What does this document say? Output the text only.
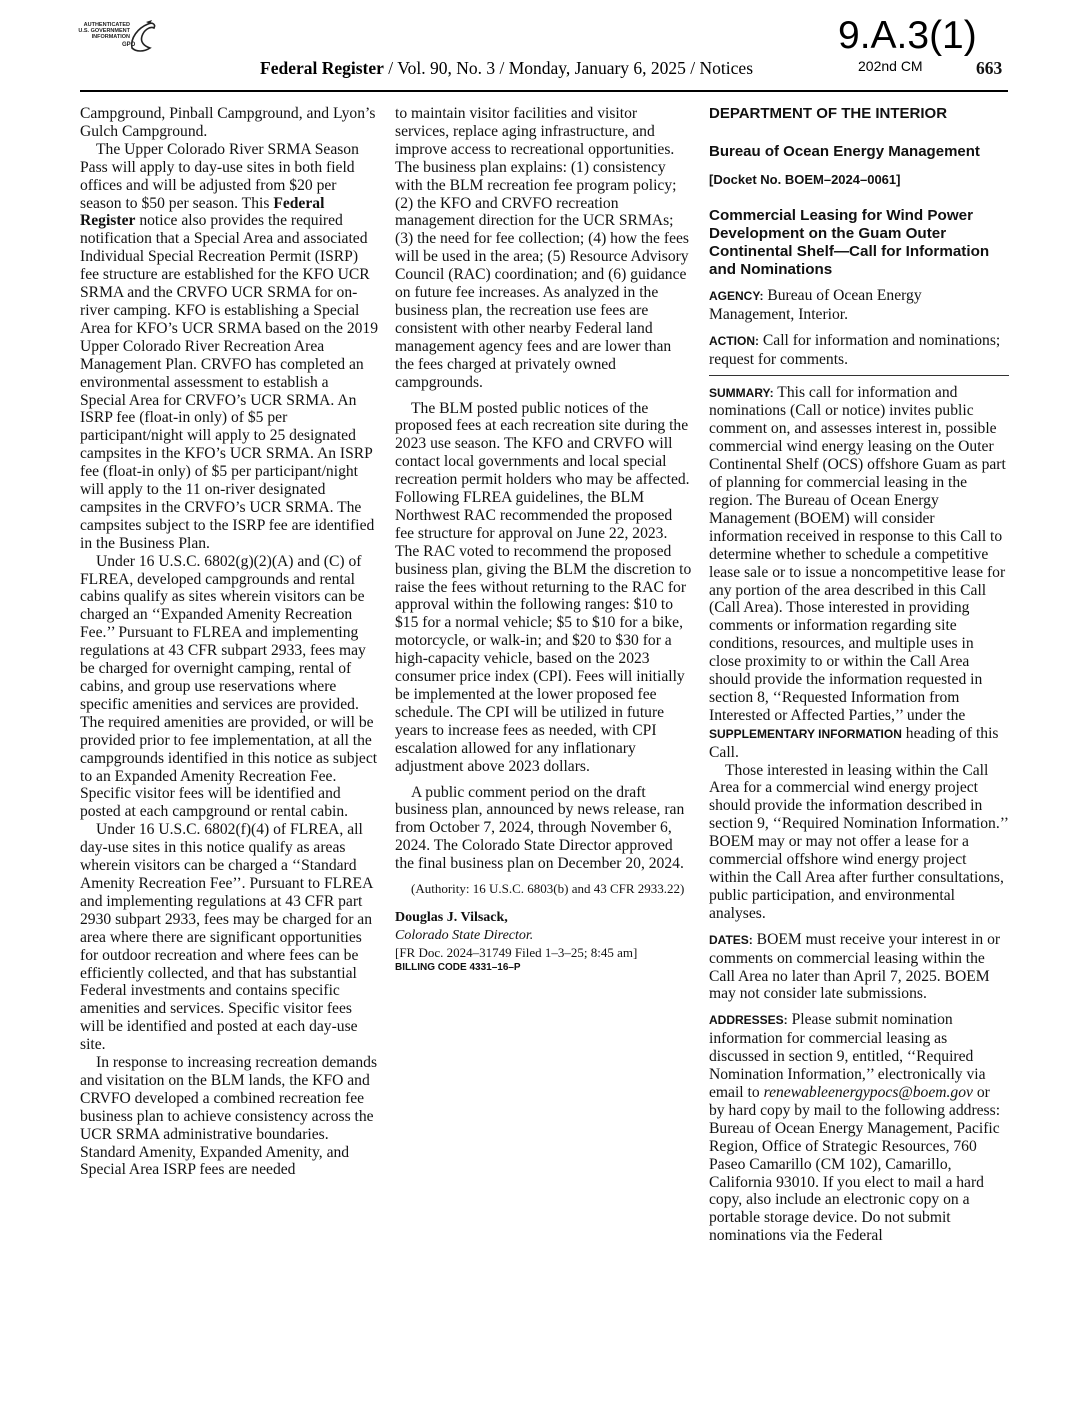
AUTHENTICATED
U.S. GOVERNMENT
INFORMATION
GPO	9.A.3(1)
202nd CM
Federal Register / Vol. 90, No. 3 / Monday, January 6, 2025 / Notices	663

Campground, Pinball Campground, and Lyon’s Gulch Campground.

The Upper Colorado River SRMA Season Pass will apply to day-use sites in both field offices and will be adjusted from $20 per season to $50 per season. This Federal Register notice also provides the required notification that a Special Area and associated Individual Special Recreation Permit (ISRP) fee structure are established for the KFO UCR SRMA and the CRVFO UCR SRMA for on-river camping. KFO is establishing a Special Area for KFO’s UCR SRMA based on the 2019 Upper Colorado River Recreation Area Management Plan. CRVFO has completed an environmental assessment to establish a Special Area for CRVFO’s UCR SRMA. An ISRP fee (float-in only) of $5 per participant/night will apply to 25 designated campsites in the KFO’s UCR SRMA. An ISRP fee (float-in only) of $5 per participant/night will apply to the 11 on-river designated campsites in the CRVFO’s UCR SRMA. The campsites subject to the ISRP fee are identified in the Business Plan.

Under 16 U.S.C. 6802(g)(2)(A) and (C) of FLREA, developed campgrounds and rental cabins qualify as sites wherein visitors can be charged an ‘‘Expanded Amenity Recreation Fee.’’ Pursuant to FLREA and implementing regulations at 43 CFR subpart 2933, fees may be charged for overnight camping, rental of cabins, and group use reservations where specific amenities and services are provided. The required amenities are provided, or will be provided prior to fee implementation, at all the campgrounds identified in this notice as subject to an Expanded Amenity Recreation Fee. Specific visitor fees will be identified and posted at each campground or rental cabin.

Under 16 U.S.C. 6802(f)(4) of FLREA, all day-use sites in this notice qualify as areas wherein visitors can be charged a ‘‘Standard Amenity Recreation Fee’’. Pursuant to FLREA and implementing regulations at 43 CFR part 2930 subpart 2933, fees may be charged for an area where there are significant opportunities for outdoor recreation and where fees can be efficiently collected, and that has substantial Federal investments and contains specific amenities and services. Specific visitor fees will be identified and posted at each day-use site.

In response to increasing recreation demands and visitation on the BLM lands, the KFO and CRVFO developed a combined recreation fee business plan to achieve consistency across the UCR SRMA administrative boundaries. Standard Amenity, Expanded Amenity, and Special Area ISRP fees are needed

to maintain visitor facilities and visitor services, replace aging infrastructure, and improve access to recreational opportunities. The business plan explains: (1) consistency with the BLM recreation fee program policy; (2) the KFO and CRVFO recreation management direction for the UCR SRMAs; (3) the need for fee collection; (4) how the fees will be used in the area; (5) Resource Advisory Council (RAC) coordination; and (6) guidance on future fee increases. As analyzed in the business plan, the recreation use fees are consistent with other nearby Federal land management agency fees and are lower than the fees charged at privately owned campgrounds.

The BLM posted public notices of the proposed fees at each recreation site during the 2023 use season. The KFO and CRVFO will contact local governments and local special recreation permit holders who may be affected. Following FLREA guidelines, the BLM Northwest RAC recommended the proposed fee structure for approval on June 22, 2023. The RAC voted to recommend the proposed business plan, giving the BLM the discretion to raise the fees without returning to the RAC for approval within the following ranges: $10 to $15 for a normal vehicle; $5 to $10 for a bike, motorcycle, or walk-in; and $20 to $30 for a high-capacity vehicle, based on the 2023 consumer price index (CPI). Fees will initially be implemented at the lower proposed fee schedule. The CPI will be utilized in future years to increase fees as needed, with CPI escalation allowed for any inflationary adjustment above 2023 dollars.

A public comment period on the draft business plan, announced by news release, ran from October 7, 2024, through November 6, 2024. The Colorado State Director approved the final business plan on December 20, 2024.

(Authority: 16 U.S.C. 6803(b) and 43 CFR 2933.22)

Douglas J. Vilsack,

Colorado State Director.

[FR Doc. 2024–31749 Filed 1–3–25; 8:45 am]

BILLING CODE 4331–16–P

DEPARTMENT OF THE INTERIOR
Bureau of Ocean Energy Management

[Docket No. BOEM–2024–0061]

Commercial Leasing for Wind Power Development on the Guam Outer Continental Shelf—Call for Information and Nominations

AGENCY: Bureau of Ocean Energy Management, Interior.

ACTION: Call for information and nominations; request for comments.

SUMMARY: This call for information and nominations (Call or notice) invites public comment on, and assesses interest in, possible commercial wind energy leasing on the Outer Continental Shelf (OCS) offshore Guam as part of planning for commercial leasing in the region. The Bureau of Ocean Energy Management (BOEM) will consider information received in response to this Call to determine whether to schedule a competitive lease sale or to issue a noncompetitive lease for any portion of the area described in this Call (Call Area). Those interested in providing comments or information regarding site conditions, resources, and multiple uses in close proximity to or within the Call Area should provide the information requested in section 8, ‘‘Requested Information from Interested or Affected Parties,’’ under the SUPPLEMENTARY INFORMATION heading of this Call.

Those interested in leasing within the Call Area for a commercial wind energy project should provide the information described in section 9, ‘‘Required Nomination Information.’’ BOEM may or may not offer a lease for a commercial offshore wind energy project within the Call Area after further consultations, public participation, and environmental analyses.

DATES: BOEM must receive your interest in or comments on commercial leasing within the Call Area no later than April 7, 2025. BOEM may not consider late submissions.

ADDRESSES: Please submit nomination information for commercial leasing as discussed in section 9, entitled, ‘‘Required Nomination Information,’’ electronically via email to renewableenergypocs@boem.gov or by hard copy by mail to the following address: Bureau of Ocean Energy Management, Pacific Region, Office of Strategic Resources, 760 Paseo Camarillo (CM 102), Camarillo, California 93010. If you elect to mail a hard copy, also include an electronic copy on a portable storage device. Do not submit nominations via the Federal
